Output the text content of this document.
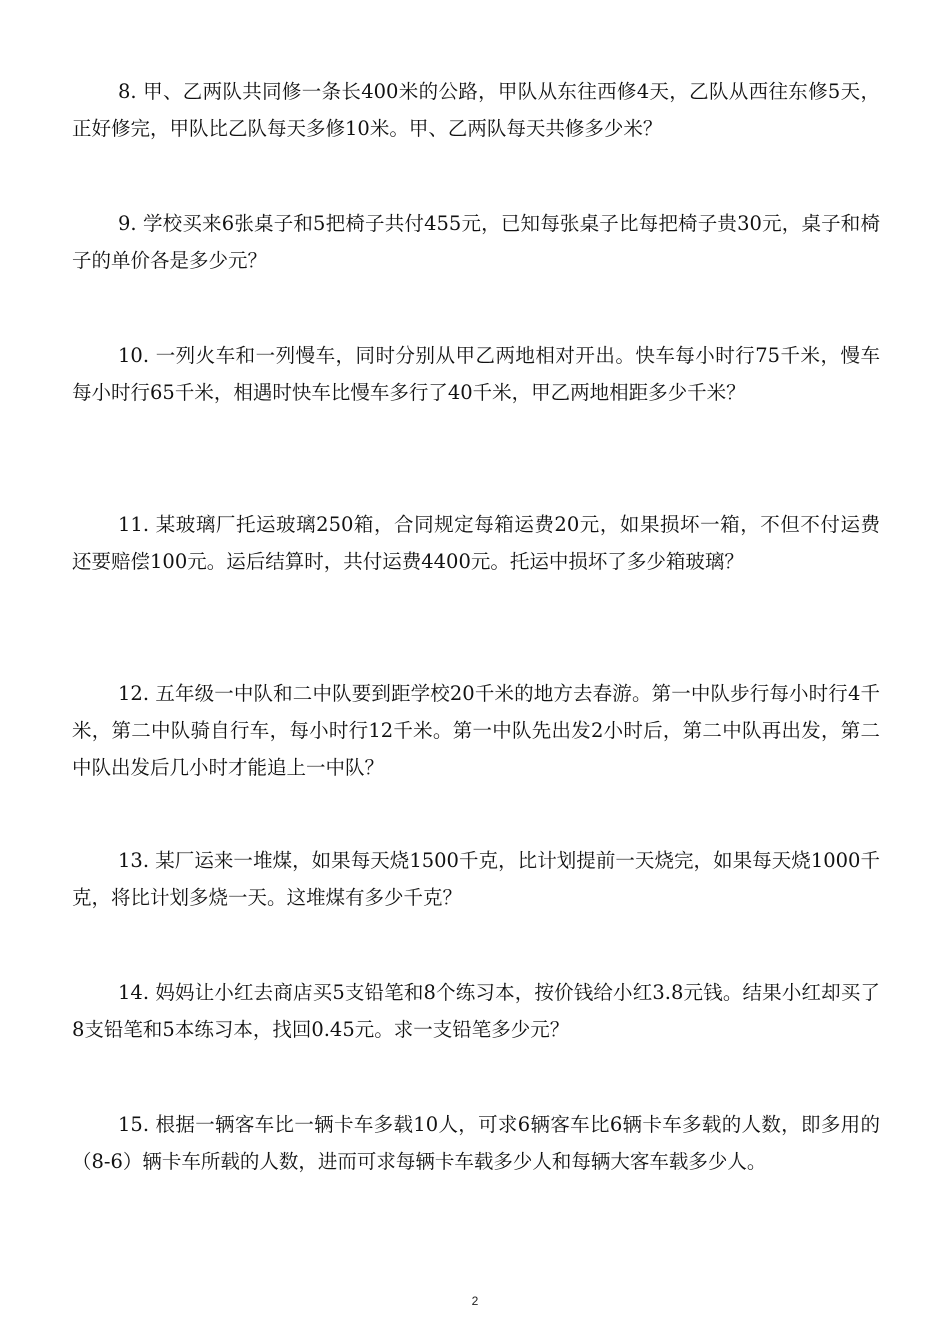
8. 甲、乙两队共同修一条长400米的公路，甲队从东往西修4天，乙队从西往东修5天，正好修完，甲队比乙队每天多修10米。甲、乙两队每天共修多少米？

9. 学校买来6张桌子和5把椅子共付455元，已知每张桌子比每把椅子贵30元，桌子和椅子的单价各是多少元？

10. 一列火车和一列慢车，同时分别从甲乙两地相对开出。快车每小时行75千米，慢车每小时行65千米，相遇时快车比慢车多行了40千米，甲乙两地相距多少千米？

11. 某玻璃厂托运玻璃250箱，合同规定每箱运费20元，如果损坏一箱，不但不付运费还要赔偿100元。运后结算时，共付运费4400元。托运中损坏了多少箱玻璃？

12. 五年级一中队和二中队要到距学校20千米的地方去春游。第一中队步行每小时行4千米，第二中队骑自行车，每小时行12千米。第一中队先出发2小时后，第二中队再出发，第二中队出发后几小时才能追上一中队？

13. 某厂运来一堆煤，如果每天烧1500千克，比计划提前一天烧完，如果每天烧1000千克，将比计划多烧一天。这堆煤有多少千克？

14. 妈妈让小红去商店买5支铅笔和8个练习本，按价钱给小红3.8元钱。结果小红却买了8支铅笔和5本练习本，找回0.45元。求一支铅笔多少元？

15. 根据一辆客车比一辆卡车多载10人，可求6辆客车比6辆卡车多载的人数，即多用的（8-6）辆卡车所载的人数，进而可求每辆卡车载多少人和每辆大客车载多少人。

2
